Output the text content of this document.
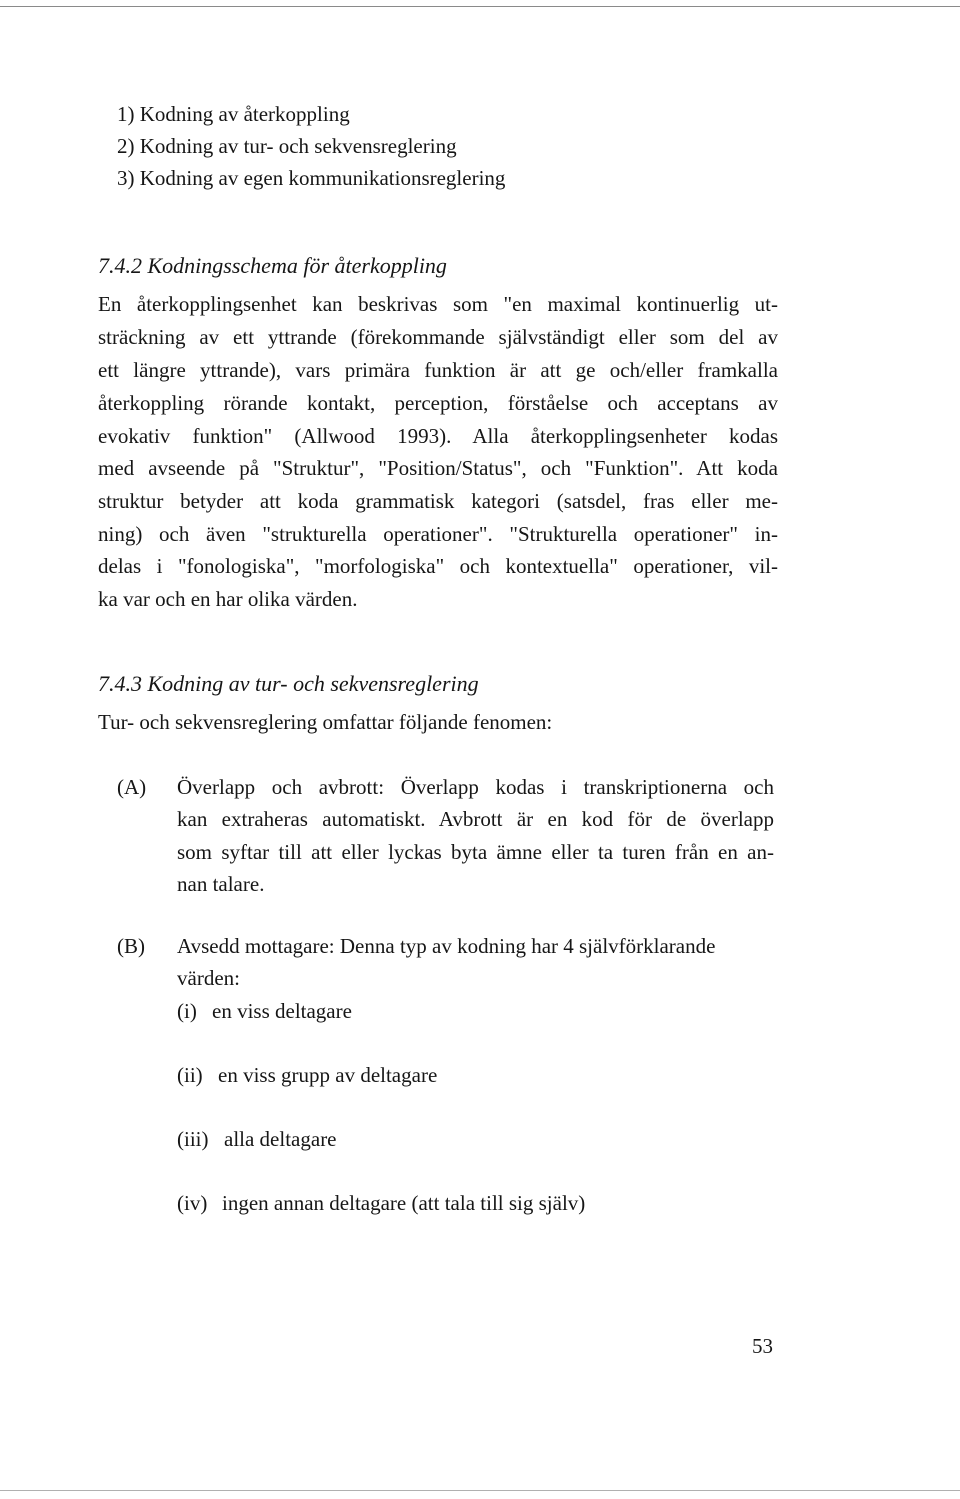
1) Kodning av återkoppling
2) Kodning av tur- och sekvensreglering
3) Kodning av egen kommunikationsreglering
7.4.2 Kodningsschema för återkoppling
En återkopplingsenhet kan beskrivas som "en maximal kontinuerlig ut-
sträckning av ett yttrande (förekommande självständigt eller som del av
ett längre yttrande), vars primära funktion är att ge och/eller framkalla
återkoppling rörande kontakt, perception, förståelse och acceptans av
evokativ funktion" (Allwood 1993). Alla återkopplingsenheter kodas
med avseende på "Struktur", "Position/Status", och "Funktion". Att koda
struktur betyder att koda grammatisk kategori (satsdel, fras eller me-
ning) och även "strukturella operationer". "Strukturella operationer" in-
delas i "fonologiska", "morfologiska" och kontextuella" operationer, vil-
ka var och en har olika värden.
7.4.3 Kodning av tur- och sekvensreglering
Tur- och sekvensreglering omfattar följande fenomen:
(A) Överlapp och avbrott: Överlapp kodas i transkriptionerna och
kan extraheras automatiskt. Avbrott är en kod för de överlapp
som syftar till att eller lyckas byta ämne eller ta turen från en an-
nan talare.
(B) Avsedd mottagare: Denna typ av kodning har 4 självförklarande
värden:
(i) en viss deltagare
(ii) en viss grupp av deltagare
(iii) alla deltagare
(iv) ingen annan deltagare (att tala till sig själv)
53
